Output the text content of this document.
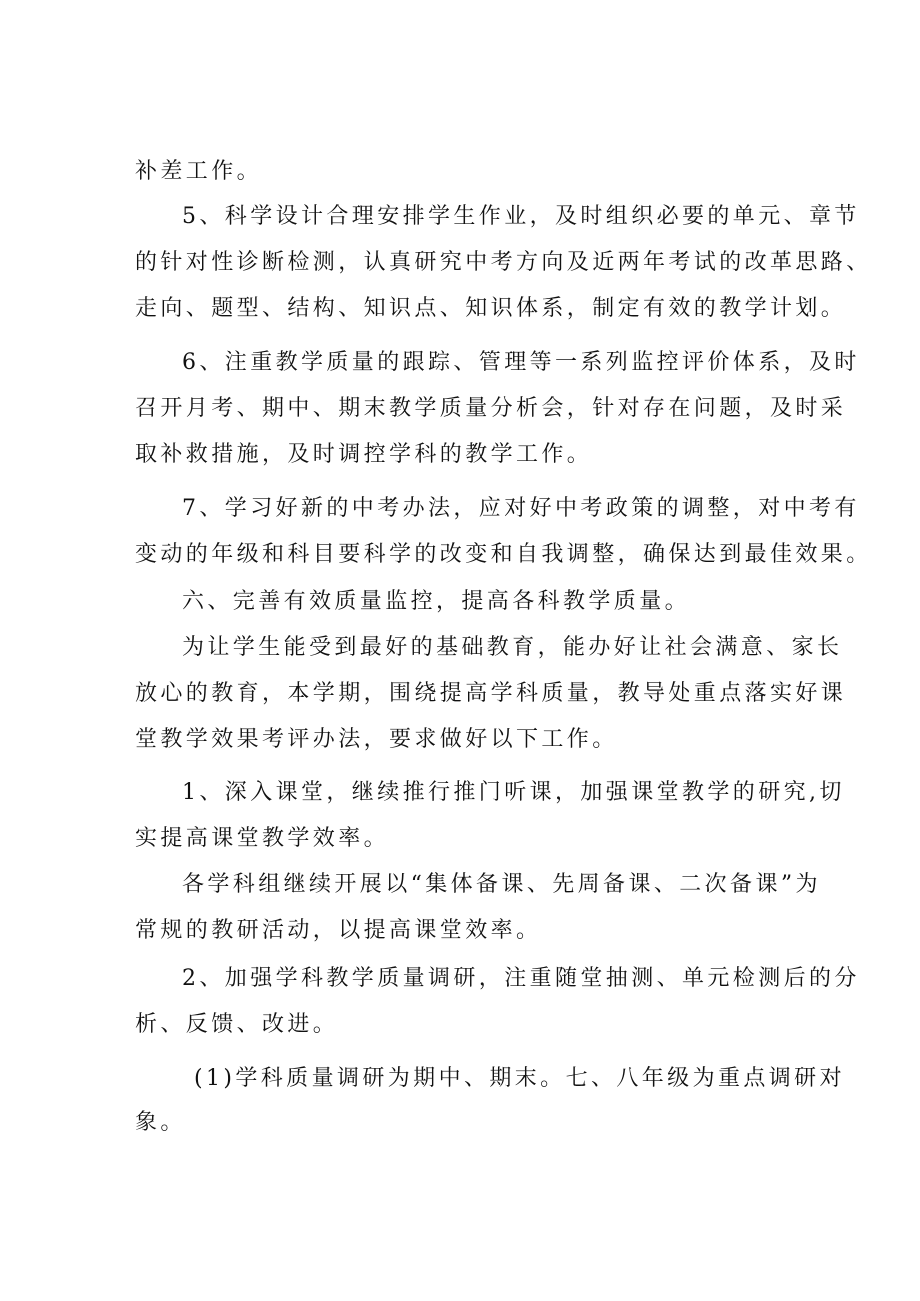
补差工作。
5、科学设计合理安排学生作业，及时组织必要的单元、章节
的针对性诊断检测，认真研究中考方向及近两年考试的改革思路、
走向、题型、结构、知识点、知识体系，制定有效的教学计划。
6、注重教学质量的跟踪、管理等一系列监控评价体系，及时
召开月考、期中、期末教学质量分析会，针对存在问题，及时采
取补救措施，及时调控学科的教学工作。
7、学习好新的中考办法，应对好中考政策的调整，对中考有
变动的年级和科目要科学的改变和自我调整，确保达到最佳效果。
六、完善有效质量监控，提高各科教学质量。
为让学生能受到最好的基础教育，能办好让社会满意、家长
放心的教育，本学期，围绕提高学科质量，教导处重点落实好课
堂教学效果考评办法，要求做好以下工作。
1、深入课堂，继续推行推门听课，加强课堂教学的研究,切
实提高课堂教学效率。
各学科组继续开展以“集体备课、先周备课、二次备课”为
常规的教研活动，以提高课堂效率。
2、加强学科教学质量调研，注重随堂抽测、单元检测后的分
析、反馈、改进。
(1)学科质量调研为期中、期末。七、八年级为重点调研对
象。
